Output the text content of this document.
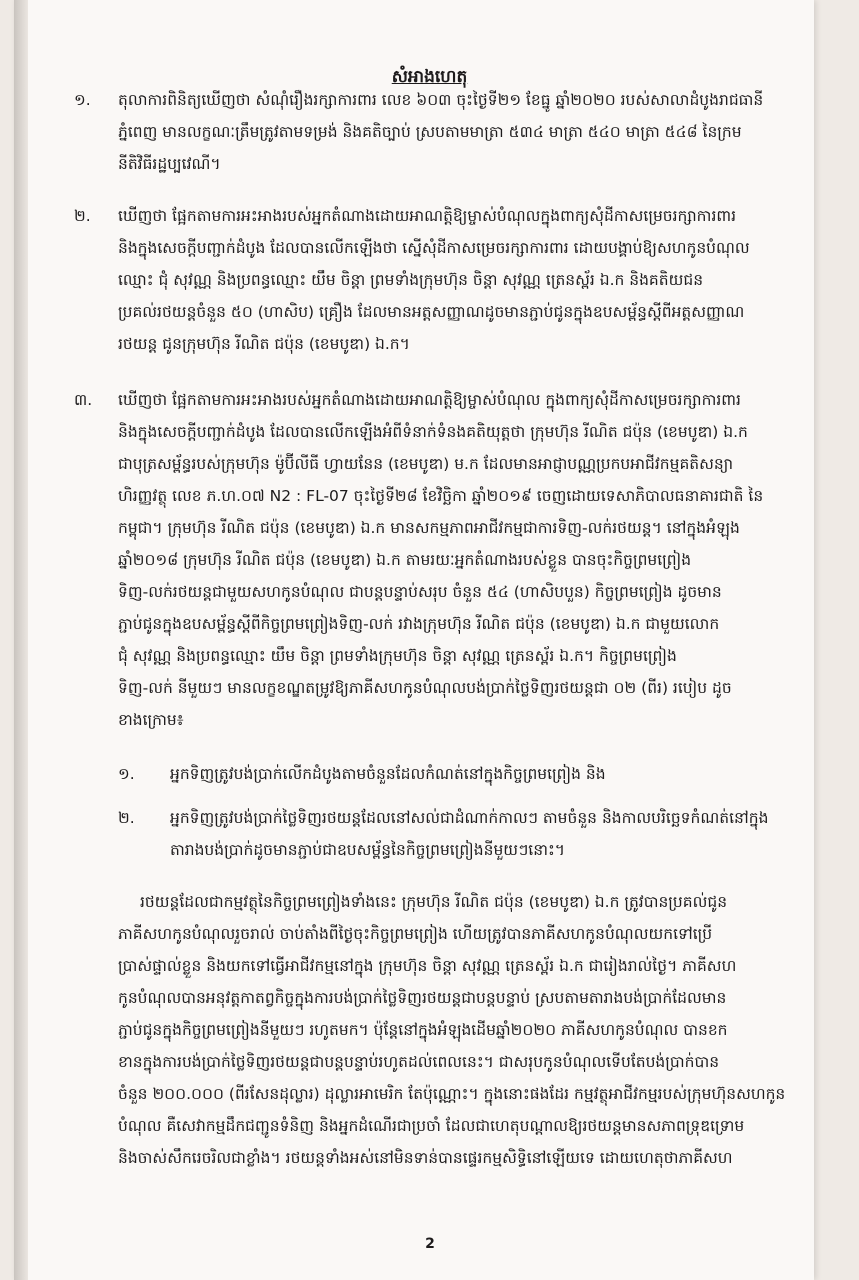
សំអាងហេតុ
១. តុលាការពិនិត្យឃើញថា សំណុំរឿងរក្សាការពារ លេខ ៦០៣ ចុះថ្ងៃទី២១ ខែធ្នូ ឆ្នាំ២០២០ របស់សាលាដំបូងរាជធានី
ភ្នំពេញ មានលក្ខណៈត្រឹមត្រូវតាមទម្រង់ និងគតិច្បាប់ ស្របតាមមាត្រា ៥៣៤ មាត្រា ៥៤០ មាត្រា ៥៤៨ នៃក្រម
នីតិវិធីរដ្ឋប្បវេណី។
២. ឃើញថា ផ្អែកតាមការអះអាងរបស់អ្នកតំណាងដោយអាណត្តិឱ្យម្ចាស់បំណុលក្នុងពាក្យសុំដីកាសម្រេចរក្សាការពារ
និងក្នុងសេចក្តីបញ្ជាក់ដំបូង ដែលបានលើកឡើងថា ស្នើសុំដីកាសម្រេចរក្សាការពារ ដោយបង្គាប់ឱ្យសហកូនបំណុល
ឈ្មោះ ជុំ សុវណ្ណ និងប្រពន្ធឈ្មោះ យឹម ចិន្តា ព្រមទាំងក្រុមហ៊ុន ចិន្តា សុវណ្ណ ត្រេនស្ព័រ ឯ.ក និងគតិយជន
ប្រគល់រថយន្តចំនួន ៥០ (ហាសិប) គ្រឿង ដែលមានអត្តសញ្ញាណដូចមានភ្ជាប់ជូនក្នុងឧបសម្ព័ន្ធស្តីពីអត្តសញ្ញាណ
រថយន្ត ជូនក្រុមហ៊ុន រីណិត ជប៉ុន (ខេមបូឌា) ឯ.ក។
៣. ឃើញថា ផ្អែកតាមការអះអាងរបស់អ្នកតំណាងដោយអាណត្តិឱ្យម្ចាស់បំណុល ក្នុងពាក្យសុំដីកាសម្រេចរក្សាការពារ
និងក្នុងសេចក្តីបញ្ជាក់ដំបូង ដែលបានលើកឡើងអំពីទំនាក់ទំនងគតិយុត្តថា ក្រុមហ៊ុន រីណិត ជប៉ុន (ខេមបូឌា) ឯ.ក
ជាបុត្រសម្ព័ន្ធរបស់ក្រុមហ៊ុន ម៉ូប៊ីលីធី ហ្វាយនែន (ខេមបូឌា) ម.ក ដែលមានអាជ្ញាបណ្ណប្រកបអាជីវកម្មគតិសន្យា
ហិរញ្ញវត្ថុ លេខ ភ.ហ.០៧ N2 : FL-07 ចុះថ្ងៃទី២៨ ខែវិច្ឆិកា ឆ្នាំ២០១៩ ចេញដោយទេសាភិបាលធនាគារជាតិ នៃ
កម្ពុជា។ ក្រុមហ៊ុន រីណិត ជប៉ុន (ខេមបូឌា) ឯ.ក មានសកម្មភាពអាជីវកម្មជាការទិញ-លក់រថយន្ត។ នៅក្នុងអំឡុង
ឆ្នាំ២០១៨ ក្រុមហ៊ុន រីណិត ជប៉ុន (ខេមបូឌា) ឯ.ក តាមរយៈអ្នកតំណាងរបស់ខ្លួន បានចុះកិច្ចព្រមព្រៀង
ទិញ-លក់រថយន្តជាមួយសហកូនបំណុល ជាបន្តបន្ទាប់សរុប ចំនួន ៥៤ (ហាសិបបួន) កិច្ចព្រមព្រៀង ដូចមាន
ភ្ជាប់ជូនក្នុងឧបសម្ព័ន្ធស្តីពីកិច្ចព្រមព្រៀងទិញ-លក់ រវាងក្រុមហ៊ុន រីណិត ជប៉ុន (ខេមបូឌា) ឯ.ក ជាមួយលោក
ជុំ សុវណ្ណ និងប្រពន្ធឈ្មោះ យឹម ចិន្តា ព្រមទាំងក្រុមហ៊ុន ចិន្តា សុវណ្ណ ត្រេនស្ព័រ ឯ.ក។ កិច្ចព្រមព្រៀង
ទិញ-លក់ នីមួយៗ មានលក្ខខណ្ឌតម្រូវឱ្យភាគីសហកូនបំណុលបង់ប្រាក់ថ្លៃទិញរថយន្តជា ០២ (ពីរ) របៀប ដូច
ខាងក្រោម៖
១. អ្នកទិញត្រូវបង់ប្រាក់លើកដំបូងតាមចំនួនដែលកំណត់នៅក្នុងកិច្ចព្រមព្រៀង និង
២. អ្នកទិញត្រូវបង់ប្រាក់ថ្លៃទិញរថយន្តដែលនៅសល់ជាដំណាក់កាលៗ តាមចំនួន និងកាលបរិច្ឆេទកំណត់នៅក្នុង
តារាងបង់ប្រាក់ដូចមានភ្ជាប់ជាឧបសម្ព័ន្ធនៃកិច្ចព្រមព្រៀងនីមួយៗនោះ។
រថយន្តដែលជាកម្មវត្ថុនៃកិច្ចព្រមព្រៀងទាំងនេះ ក្រុមហ៊ុន រីណិត ជប៉ុន (ខេមបូឌា) ឯ.ក ត្រូវបានប្រគល់ជូន
ភាគីសហកូនបំណុលរួចរាល់ ចាប់តាំងពីថ្ងៃចុះកិច្ចព្រមព្រៀង ហើយត្រូវបានភាគីសហកូនបំណុលយកទៅប្រើ
ប្រាស់ផ្ទាល់ខ្លួន និងយកទៅធ្វើអាជីវកម្មនៅក្នុង ក្រុមហ៊ុន ចិន្តា សុវណ្ណ ត្រេនស្ព័រ ឯ.ក ជារៀងរាល់ថ្ងៃ។ ភាគីសហ
កូនបំណុលបានអនុវត្តកាតព្វកិច្ចក្នុងការបង់ប្រាក់ថ្លៃទិញរថយន្តជាបន្តបន្ទាប់ ស្របតាមតារាងបង់ប្រាក់ដែលមាន
ភ្ជាប់ជូនក្នុងកិច្ចព្រមព្រៀងនីមួយៗ រហូតមក។ ប៉ុន្តែនៅក្នុងអំឡុងដើមឆ្នាំ២០២០ ភាគីសហកូនបំណុល បានខក
ខានក្នុងការបង់ប្រាក់ថ្លៃទិញរថយន្តជាបន្តបន្ទាប់រហូតដល់ពេលនេះ។ ជាសរុបកូនបំណុលទើបតែបង់ប្រាក់បាន
ចំនួន ២០០.០០០ (ពីរសែនដុល្លារ) ដុល្លារអាមេរិក តែប៉ុណ្ណោះ។ ក្នុងនោះផងដែរ កម្មវត្ថុអាជីវកម្មរបស់ក្រុមហ៊ុនសហកូន
បំណុល គឺសេវាកម្មដឹកជញ្ជូនទំនិញ និងអ្នកដំណើរជាប្រចាំ ដែលជាហេតុបណ្តាលឱ្យរថយន្តមានសភាពទ្រុឌទ្រោម
និងចាស់សឹករេចរិលជាខ្លាំង។ រថយន្តទាំងអស់នៅមិនទាន់បានផ្ទេរកម្មសិទ្ធិនៅឡើយទេ ដោយហេតុថាភាគីសហ
2
